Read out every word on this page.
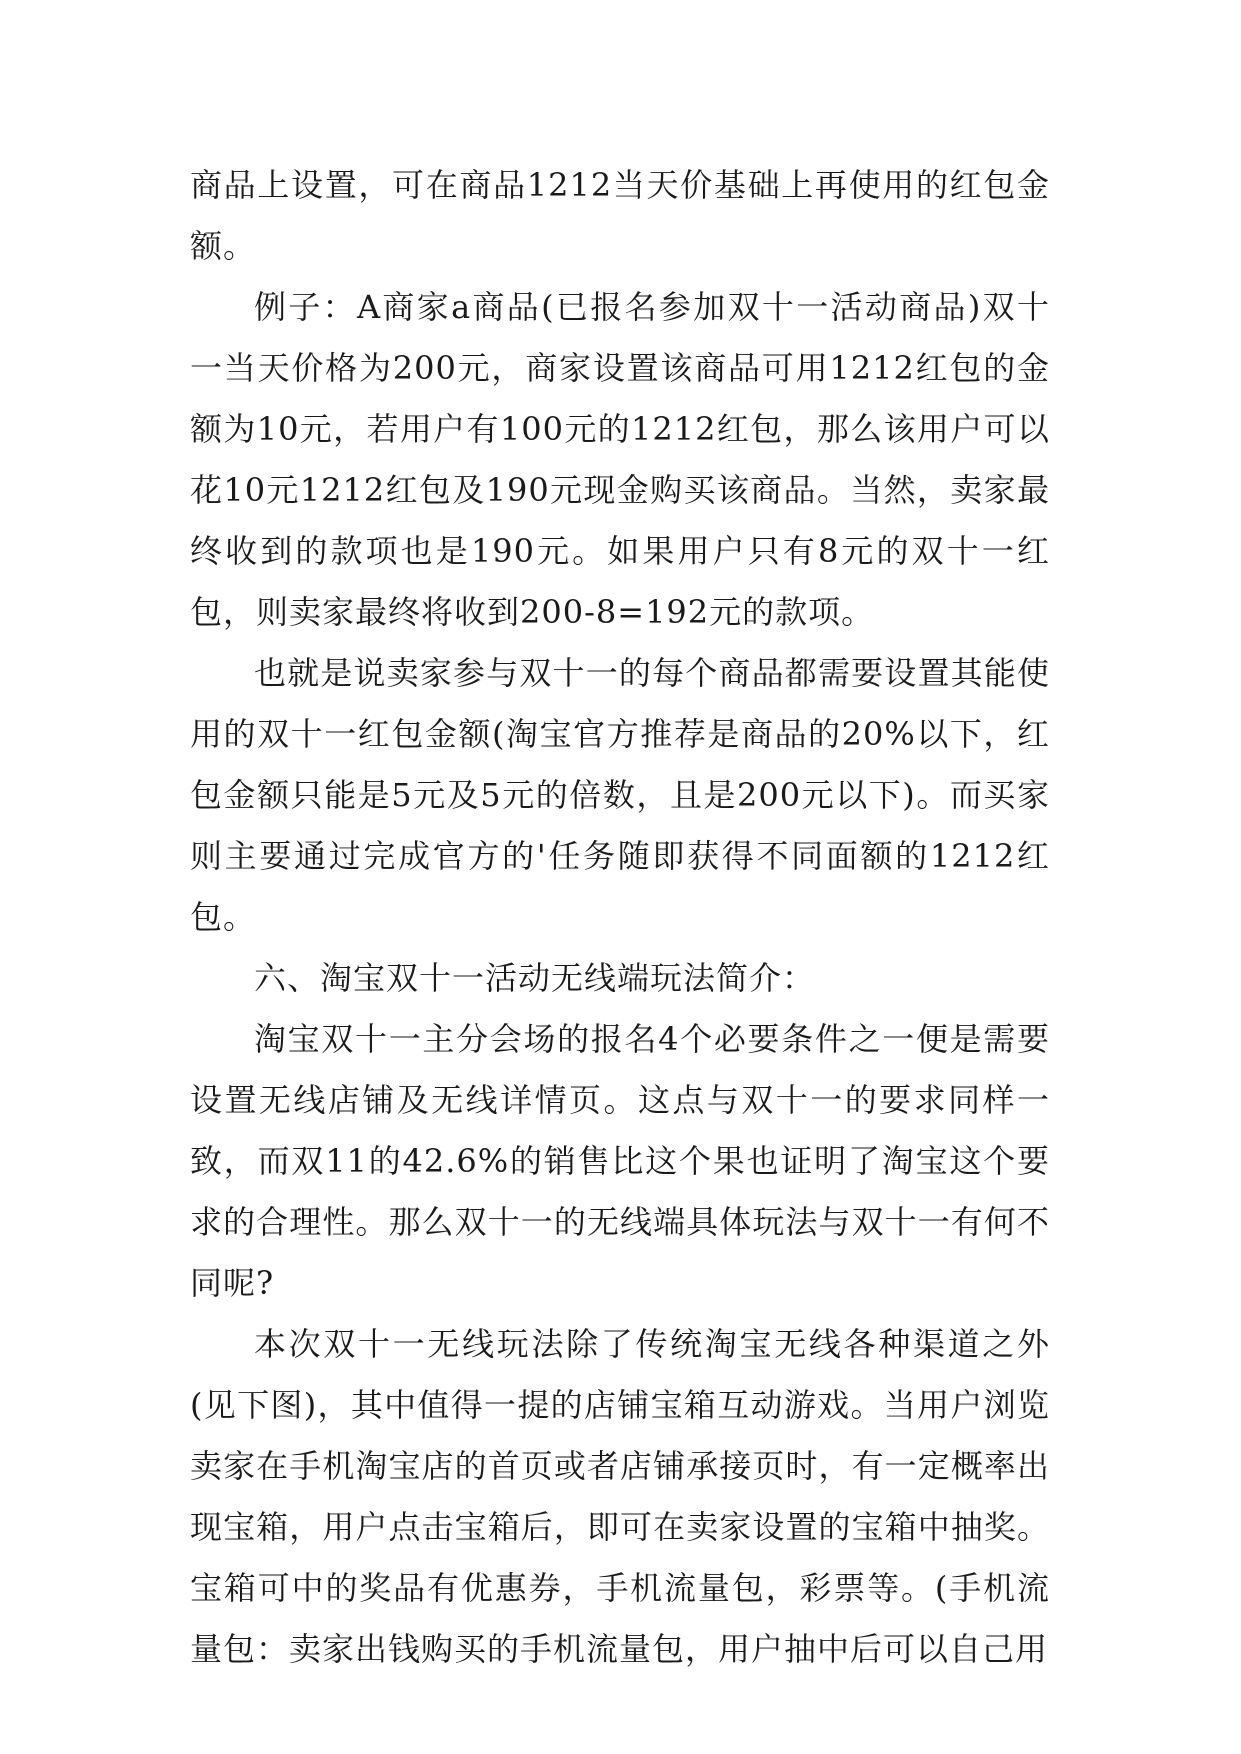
商品上设置，可在商品1212当天价基础上再使用的红包金额。

例子：A商家a商品(已报名参加双十一活动商品)双十一当天价格为200元，商家设置该商品可用1212红包的金额为10元，若用户有100元的1212红包，那么该用户可以花10元1212红包及190元现金购买该商品。当然，卖家最终收到的款项也是190元。如果用户只有8元的双十一红包，则卖家最终将收到200-8=192元的款项。

也就是说卖家参与双十一的每个商品都需要设置其能使用的双十一红包金额(淘宝官方推荐是商品的20%以下，红包金额只能是5元及5元的倍数，且是200元以下)。而买家则主要通过完成官方的'任务随即获得不同面额的1212红包。

六、淘宝双十一活动无线端玩法简介：

淘宝双十一主分会场的报名4个必要条件之一便是需要设置无线店铺及无线详情页。这点与双十一的要求同样一致，而双11的42.6%的销售比这个果也证明了淘宝这个要求的合理性。那么双十一的无线端具体玩法与双十一有何不同呢?

本次双十一无线玩法除了传统淘宝无线各种渠道之外(见下图)，其中值得一提的店铺宝箱互动游戏。当用户浏览卖家在手机淘宝店的首页或者店铺承接页时，有一定概率出现宝箱，用户点击宝箱后，即可在卖家设置的宝箱中抽奖。宝箱可中的奖品有优惠券，手机流量包，彩票等。(手机流量包：卖家出钱购买的手机流量包，用户抽中后可以自己用
